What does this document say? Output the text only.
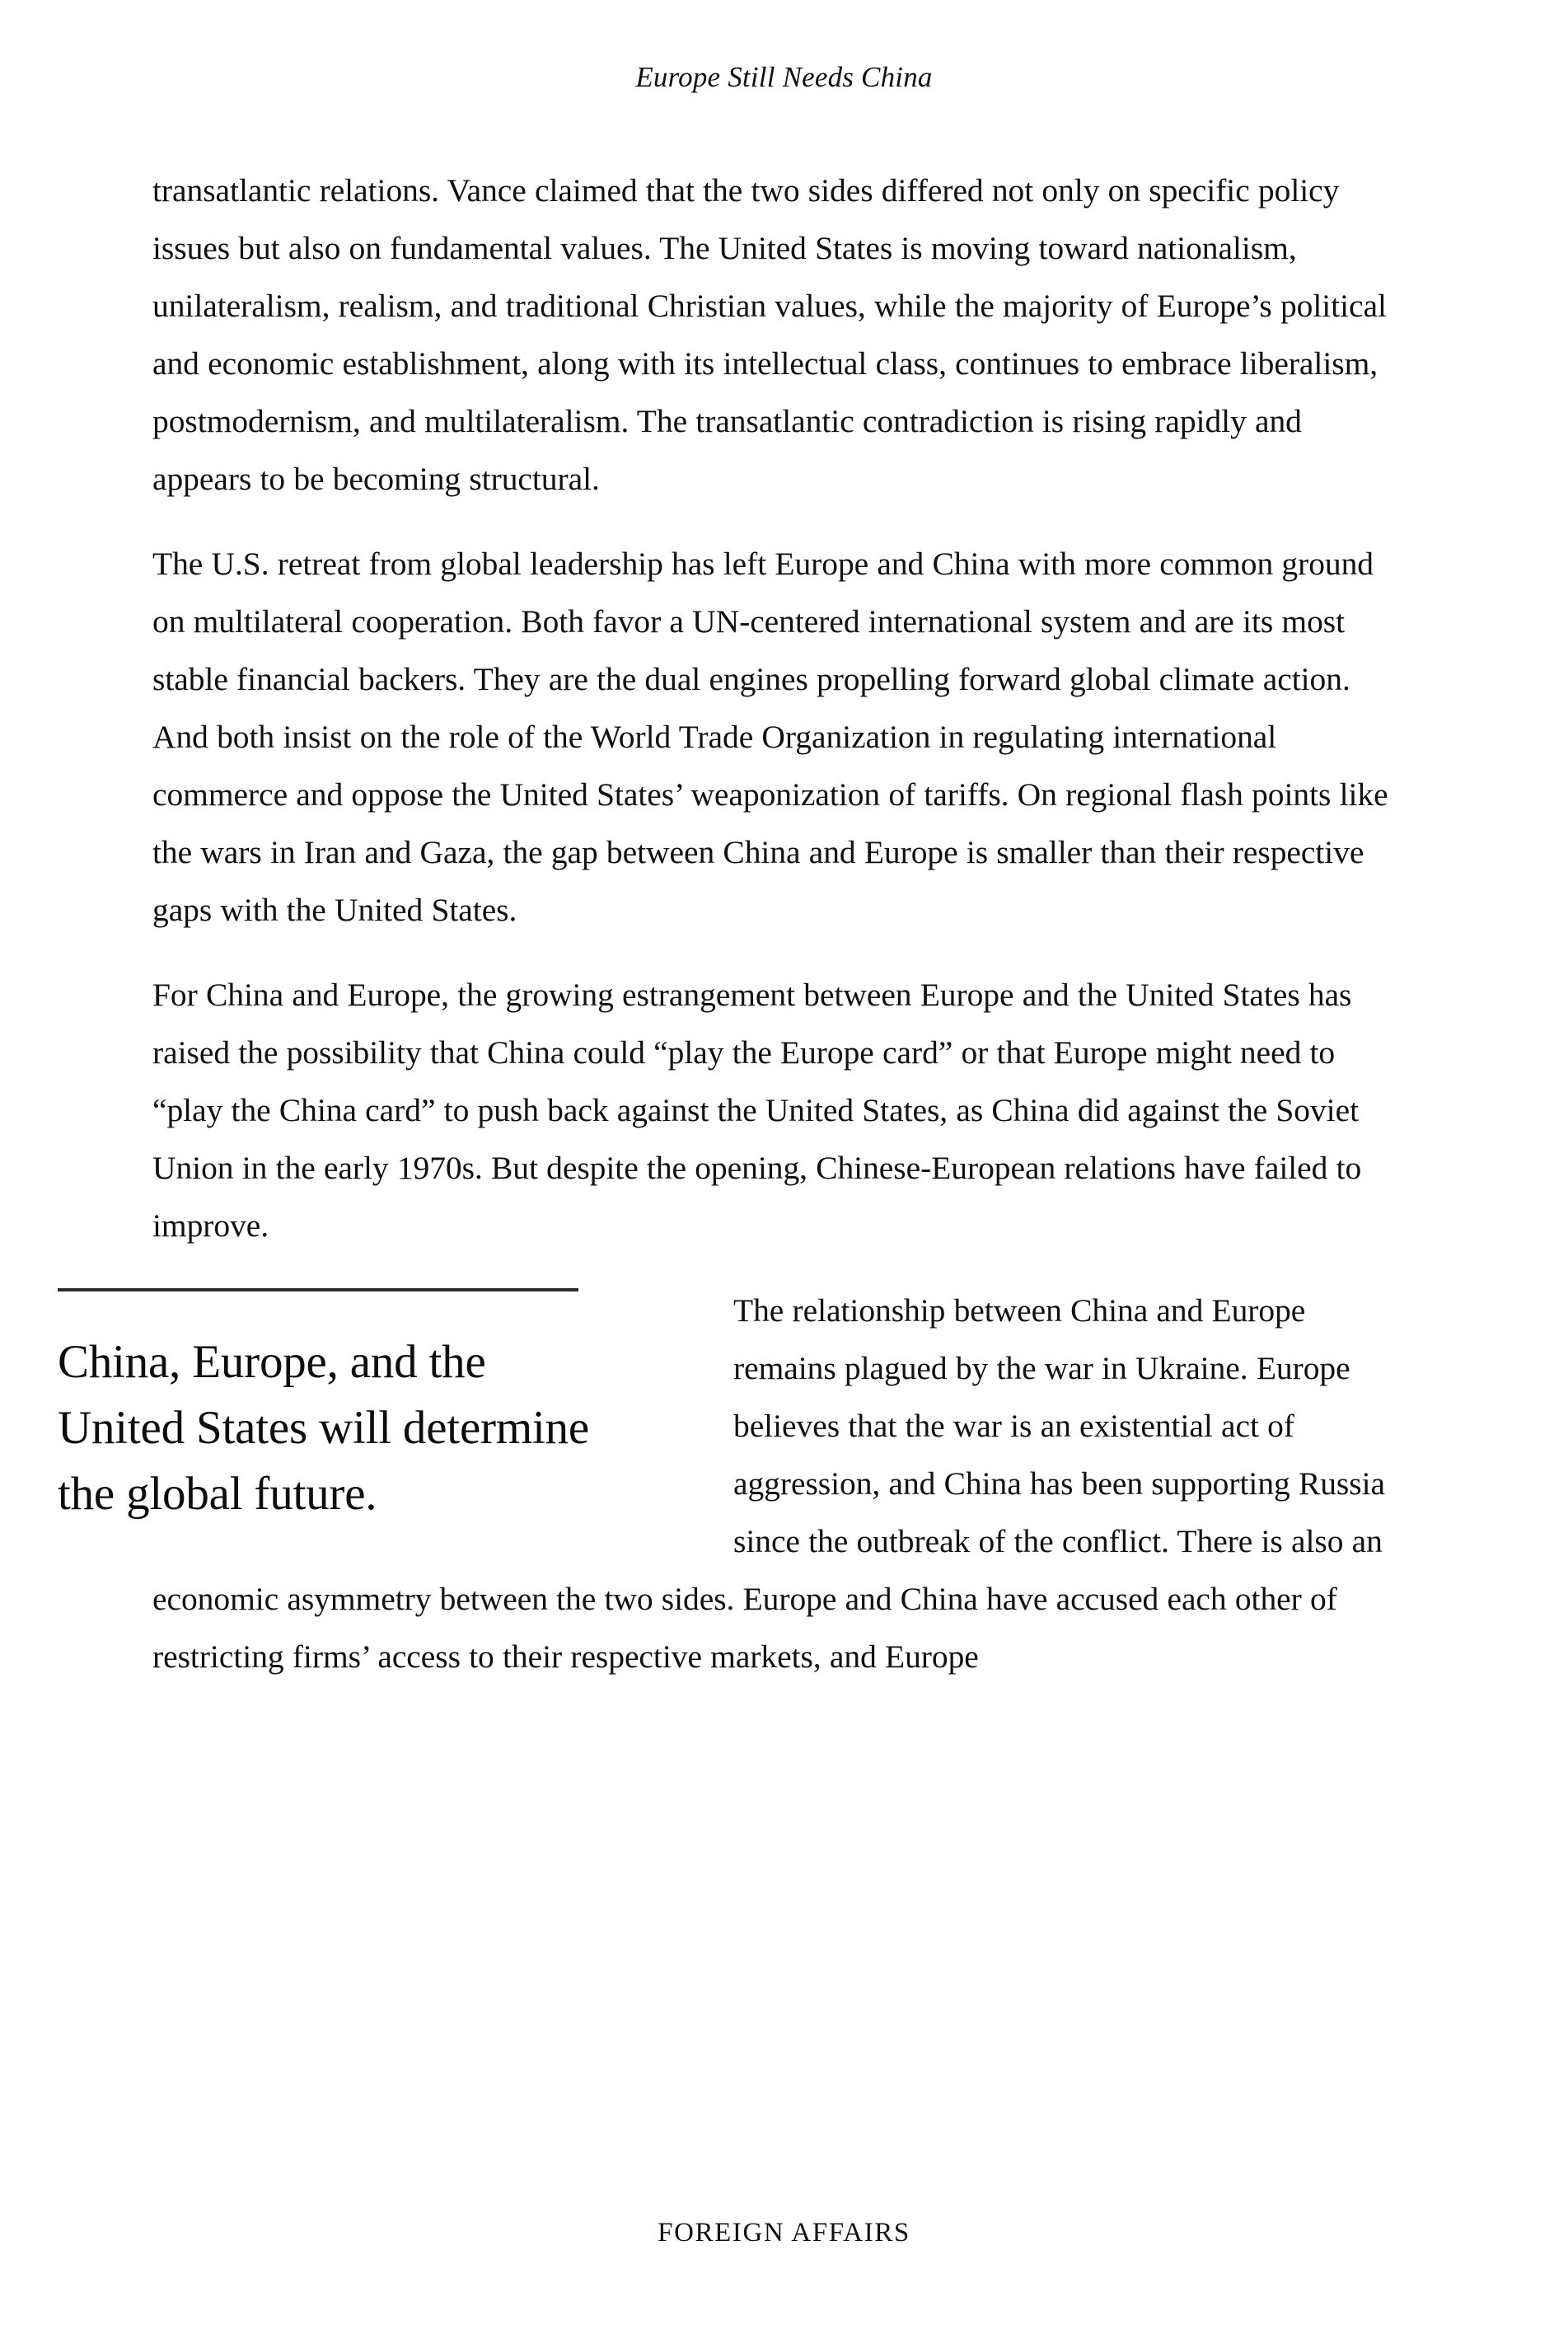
Europe Still Needs China

transatlantic relations. Vance claimed that the two sides differed not only on specific policy issues but also on fundamental values. The United States is moving toward nationalism, unilateralism, realism, and traditional Christian values, while the majority of Europe’s political and economic establishment, along with its intellectual class, continues to embrace liberalism, postmodernism, and multilateralism. The transatlantic contradiction is rising rapidly and appears to be becoming structural.

The U.S. retreat from global leadership has left Europe and China with more common ground on multilateral cooperation. Both favor a UN-centered international system and are its most stable financial backers. They are the dual engines propelling forward global climate action. And both insist on the role of the World Trade Organization in regulating international commerce and oppose the United States’ weaponization of tariffs. On regional flash points like the wars in Iran and Gaza, the gap between China and Europe is smaller than their respective gaps with the United States.

For China and Europe, the growing estrangement between Europe and the United States has raised the possibility that China could “play the Europe card” or that Europe might need to “play the China card” to push back against the United States, as China did against the Soviet Union in the early 1970s. But despite the opening, Chinese-European relations have failed to improve.

China, Europe, and the United States will determine the global future.

The relationship between China and Europe remains plagued by the war in Ukraine. Europe believes that the war is an existential act of aggression, and China has been supporting Russia since the outbreak of the conflict. There is also an economic asymmetry between the two sides. Europe and China have accused each other of restricting firms’ access to their respective markets, and Europe

FOREIGN AFFAIRS
